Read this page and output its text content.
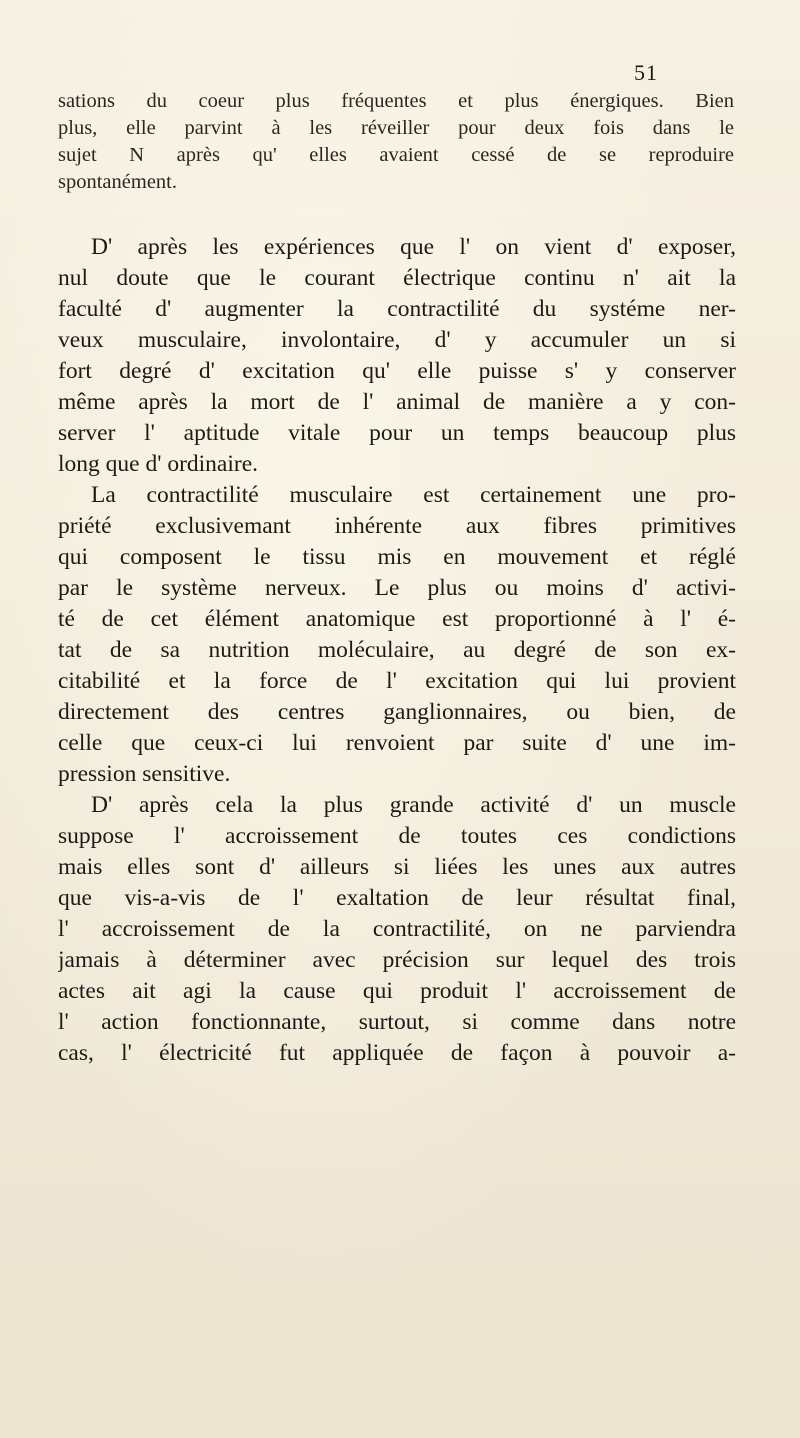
51
sations du coeur plus fréquentes et plus énergiques. Bien
plus, elle parvint à les réveiller pour deux fois dans le
sujet N après qu' elles avaient cessé de se reproduire
spontanément.
D' après les expériences que l' on vient d' exposer,
nul doute que le courant électrique continu n' ait la
faculté d' augmenter la contractilité du systéme ner-
veux musculaire, involontaire, d' y accumuler un si
fort degré d' excitation qu' elle puisse s' y conserver
même après la mort de l' animal de manière a y con-
server l' aptitude vitale pour un temps beaucoup plus
long que d' ordinaire.
La contractilité musculaire est certainement une pro-
priété exclusivemant inhérente aux fibres primitives
qui composent le tissu mis en mouvement et réglé
par le système nerveux. Le plus ou moins d' activi-
té de cet élément anatomique est proportionné à l' é-
tat de sa nutrition moléculaire, au degré de son ex-
citabilité et la force de l' excitation qui lui provient
directement des centres ganglionnaires, ou bien, de
celle que ceux-ci lui renvoient par suite d' une im-
pression sensitive.
D' après cela la plus grande activité d' un muscle
suppose l' accroissement de toutes ces condictions
mais elles sont d' ailleurs si liées les unes aux autres
que vis-a-vis de l' exaltation de leur résultat final,
l' accroissement de la contractilité, on ne parviendra
jamais à déterminer avec précision sur lequel des trois
actes ait agi la cause qui produit l' accroissement de
l' action fonctionnante, surtout, si comme dans notre
cas, l' électricité fut appliquée de façon à pouvoir a-
